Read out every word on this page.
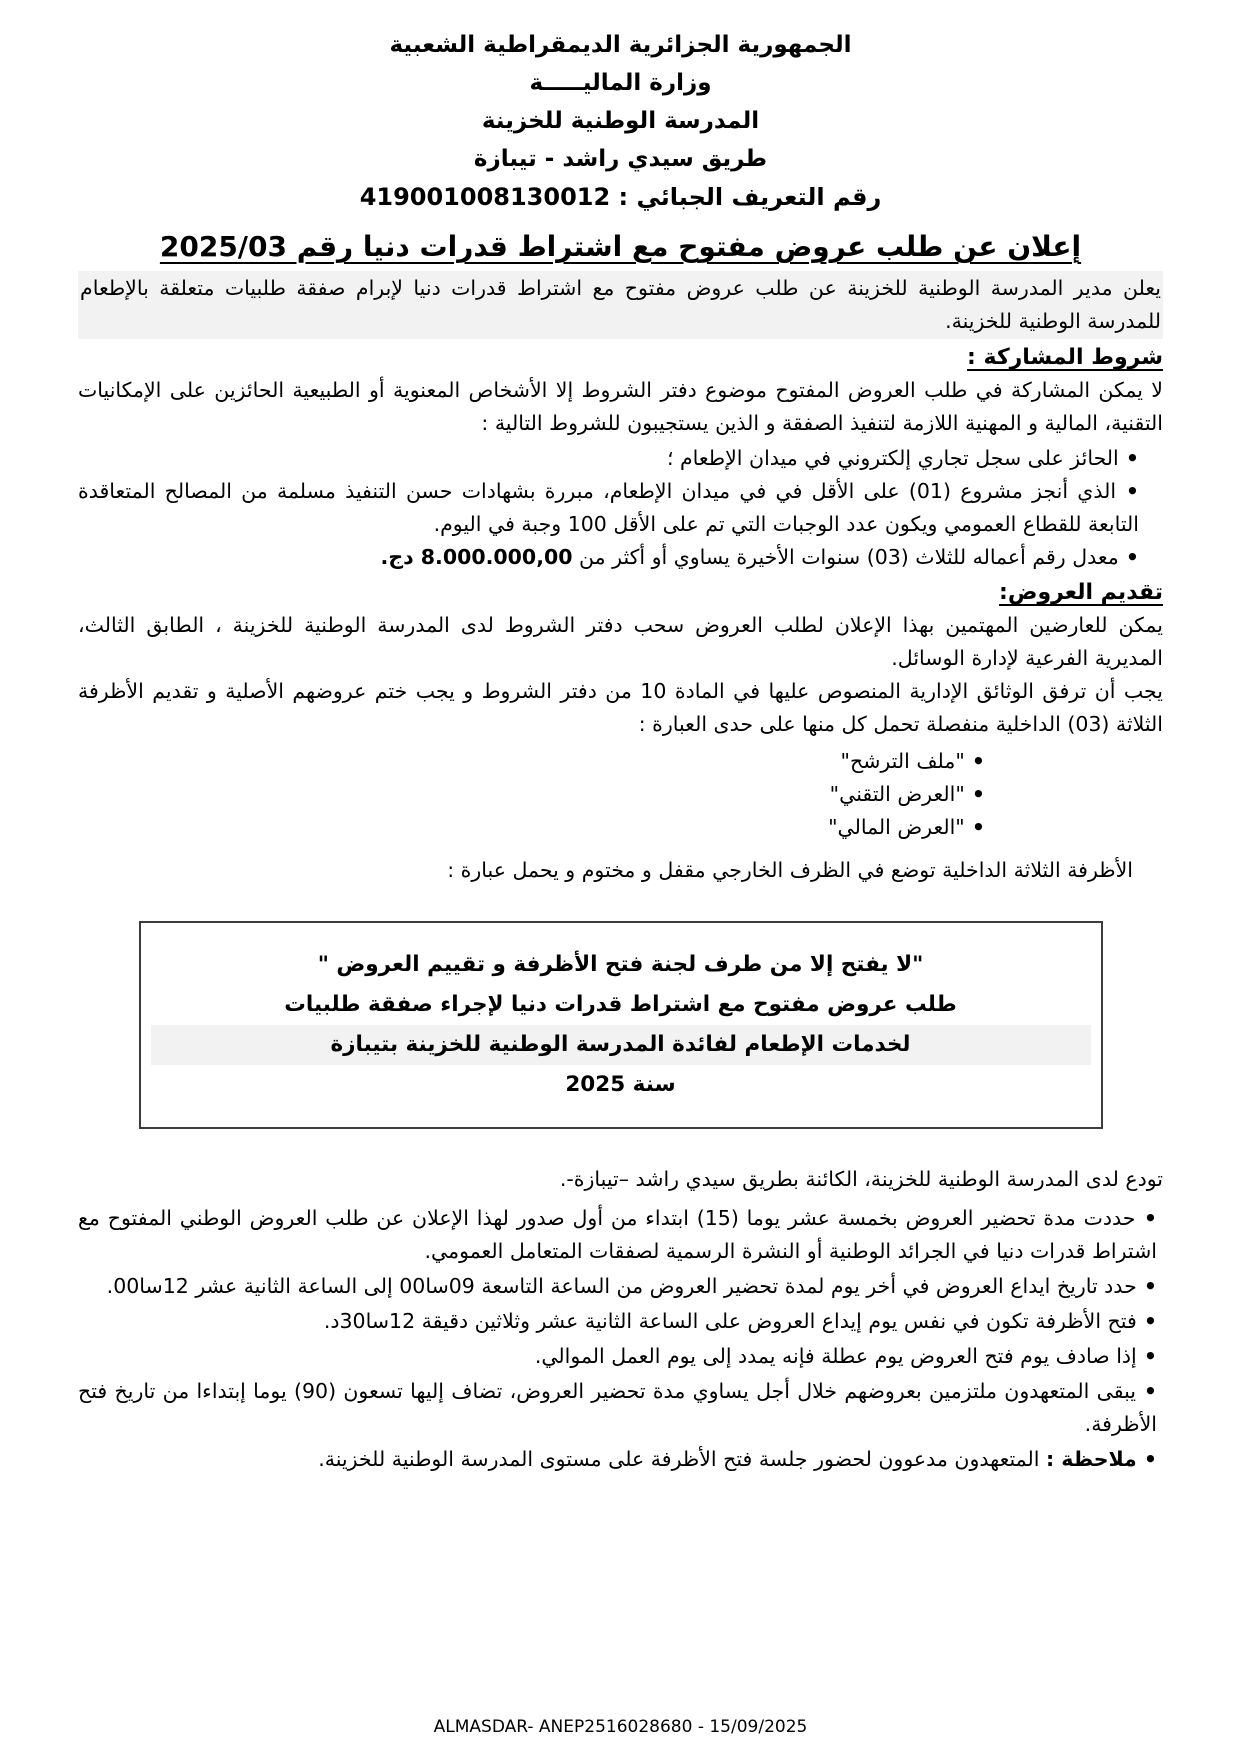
الجمهورية الجزائرية الديمقراطية الشعبية
وزارة الماليـــــة
المدرسة الوطنية للخزينة
طريق سيدي راشد - تيبازة
رقم التعريف الجبائي : 419001008130012
إعلان عن طلب عروض مفتوح مع اشتراط قدرات دنيا رقم 2025/03

يعلن مدير المدرسة الوطنية للخزينة عن طلب عروض مفتوح مع اشتراط قدرات دنيا لإبرام صفقة طلبيات متعلقة بالإطعام للمدرسة الوطنية للخزينة.

شروط المشاركة :

لا يمكن المشاركة في طلب العروض المفتوح موضوع دفتر الشروط إلا الأشخاص المعنوية أو الطبيعية الحائزين على الإمكانيات التقنية، المالية و المهنية اللازمة لتنفيذ الصفقة و الذين يستجيبون للشروط التالية :

• الحائز على سجل تجاري إلكتروني في ميدان الإطعام ؛
• الذي أنجز مشروع (01) على الأقل في في ميدان الإطعام، مبررة بشهادات حسن التنفيذ مسلمة من المصالح المتعاقدة التابعة للقطاع العمومي ويكون عدد الوجبات التي تم على الأقل 100 وجبة في اليوم.
• معدل رقم أعماله للثلاث (03) سنوات الأخيرة يساوي أو أكثر من 8.000.000,00 دج.
تقديم العروض:

يمكن للعارضين المهتمين بهذا الإعلان لطلب العروض سحب دفتر الشروط لدى المدرسة الوطنية للخزينة ، الطابق الثالث، المديرية الفرعية لإدارة الوسائل.

يجب أن ترفق الوثائق الإدارية المنصوص عليها في المادة 10 من دفتر الشروط و يجب ختم عروضهم الأصلية و تقديم الأظرفة الثلاثة (03) الداخلية منفصلة تحمل كل منها على حدى العبارة :

• "ملف الترشح"
• "العرض التقني"
• "العرض المالي"

الأظرفة الثلاثة الداخلية توضع في الظرف الخارجي مقفل و مختوم و يحمل عبارة :

"لا يفتح إلا من طرف لجنة فتح الأظرفة و تقييم العروض "
طلب عروض مفتوح مع اشتراط قدرات دنيا لإجراء صفقة طلبيات
لخدمات الإطعام لفائدة المدرسة الوطنية للخزينة بتيبازة
سنة 2025

تودع لدى المدرسة الوطنية للخزينة، الكائنة بطريق سيدي راشد –تيبازة-.

• حددت مدة تحضير العروض بخمسة عشر يوما (15) ابتداء من أول صدور لهذا الإعلان عن طلب العروض الوطني المفتوح مع اشتراط قدرات دنيا في الجرائد الوطنية أو النشرة الرسمية لصفقات المتعامل العمومي.
• حدد تاريخ ايداع العروض في أخر يوم لمدة تحضير العروض من الساعة التاسعة 09سا00 إلى الساعة الثانية عشر 12سا00.
• فتح الأظرفة تكون في نفس يوم إيداع العروض على الساعة الثانية عشر وثلاثين دقيقة 12سا30د.
• إذا صادف يوم فتح العروض يوم عطلة فإنه يمدد إلى يوم العمل الموالي.
• يبقى المتعهدون ملتزمين بعروضهم خلال أجل يساوي مدة تحضير العروض، تضاف إليها تسعون (90) يوما إبتداءا من تاريخ فتح الأظرفة.
• ملاحظة : المتعهدون مدعوون لحضور جلسة فتح الأظرفة على مستوى المدرسة الوطنية للخزينة.
ALMASDAR- ANEP2516028680 - 15/09/2025
